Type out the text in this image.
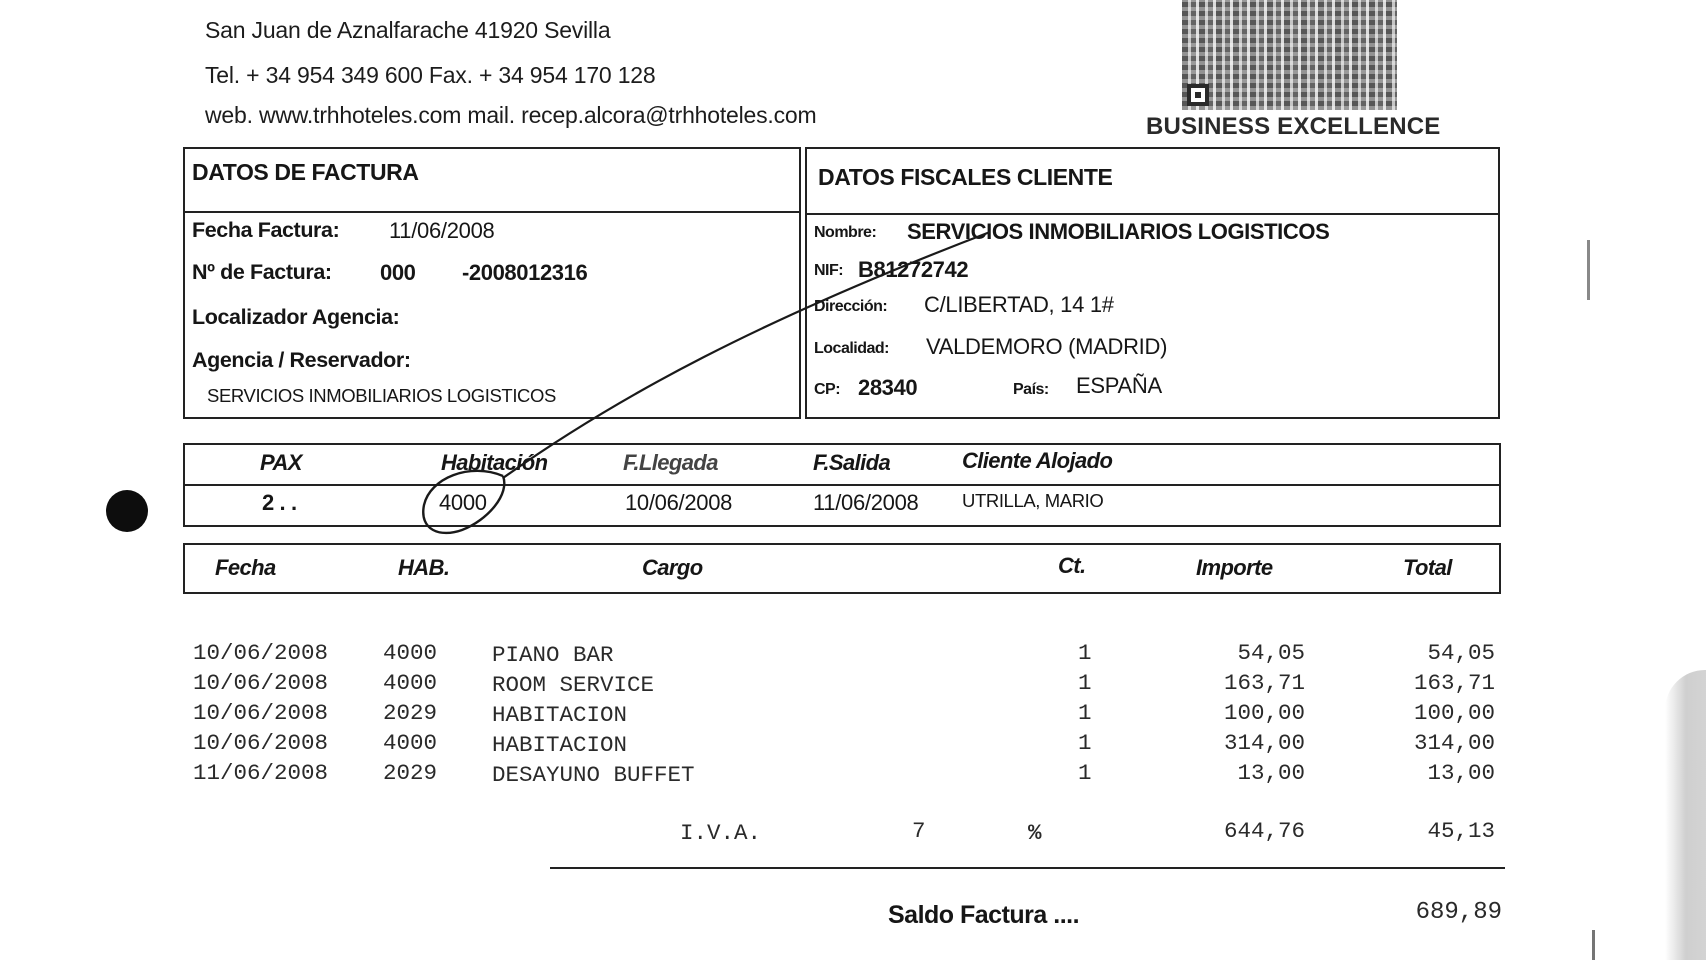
San Juan de Aznalfarache 41920 Sevilla
Tel. + 34 954 349 600 Fax. + 34 954 170 128
web. www.trhhoteles.com mail. recep.alcora@trhhoteles.com	BUSINESS EXCELLENCE
DATOS DE FACTURA
Fecha Factura: 11/06/2008
Nº de Factura: 000 -2008012316
Localizador Agencia:
Agencia / Reservador:
SERVICIOS INMOBILIARIOS LOGISTICOS
DATOS FISCALES CLIENTE
Nombre: SERVICIOS INMOBILIARIOS LOGISTICOS
NIF: B81272742
Dirección: C/LIBERTAD, 14 1#
Localidad: VALDEMORO (MADRID)
CP: 28340	País: ESPAÑA
PAX	Habitación	F.Llegada	F.Salida	Cliente Alojado
2 . .	4000	10/06/2008	11/06/2008 UTRILLA, MARIO
Fecha	HAB.	Cargo	Ct.	Importe	Total
10/06/2008 4000 PIANO BAR	1	54,05	54,05
10/06/2008 4000 ROOM SERVICE	1	163,71	163,71
10/06/2008 2029 HABITACION	1	100,00	100,00
10/06/2008 4000 HABITACION	1	314,00	314,00
11/06/2008 2029 DESAYUNO BUFFET	1	13,00	13,00
I.V.A.	7	%	644,76	45,13
Saldo Factura ....	689,89
